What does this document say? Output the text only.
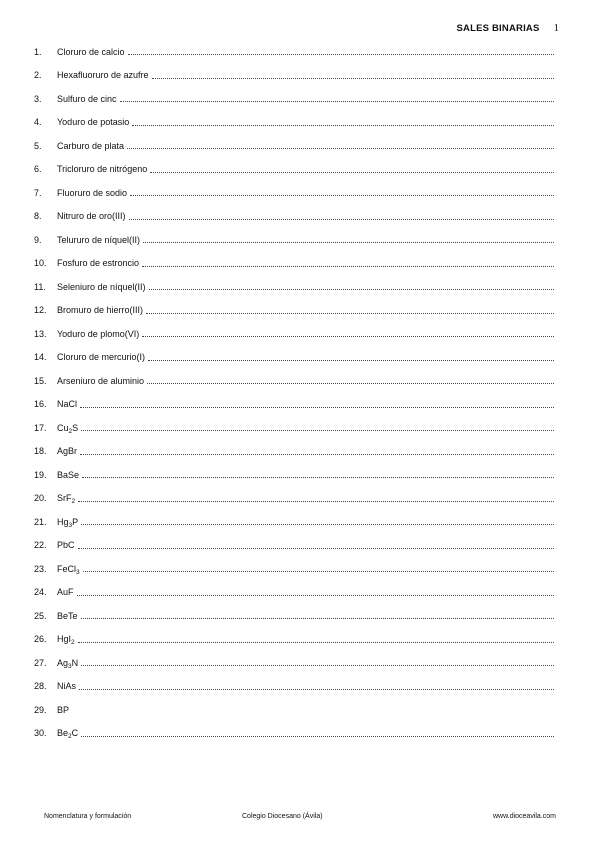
SALES BINARIAS 1
1.	Cloruro de calcio
2.	Hexafluoruro de azufre
3.	Sulfuro de cinc
4.	Yoduro de potasio
5.	Carburo de plata
6.	Tricloruro de nitrógeno
7.	Fluoruro de sodio
8.	Nitruro de oro(III)
9.	Telururo de níquel(II)
10.	Fosfuro de estroncio
11.	Seleniuro de níquel(II)
12.	Bromuro de hierro(III)
13.	Yoduro de plomo(VI)
14.	Cloruro de mercurio(I)
15.	Arseniuro de aluminio
16.	NaCl
17.	$Cu_2S$
18.	AgBr
19.	BaSe
20.	SrF$_2$
21.	$Hg_3P$
22.	PbC
23.	FeCl$_3$
24.	AuF
25.	BeTe
26.	HgI$_2$
27.	$Ag_3N$
28.	NiAs
29.	BP
30.	$Be_2C$
Nomenclatura y formulación	Colegio Diocesano (Ávila)	www.dioceavila.com
